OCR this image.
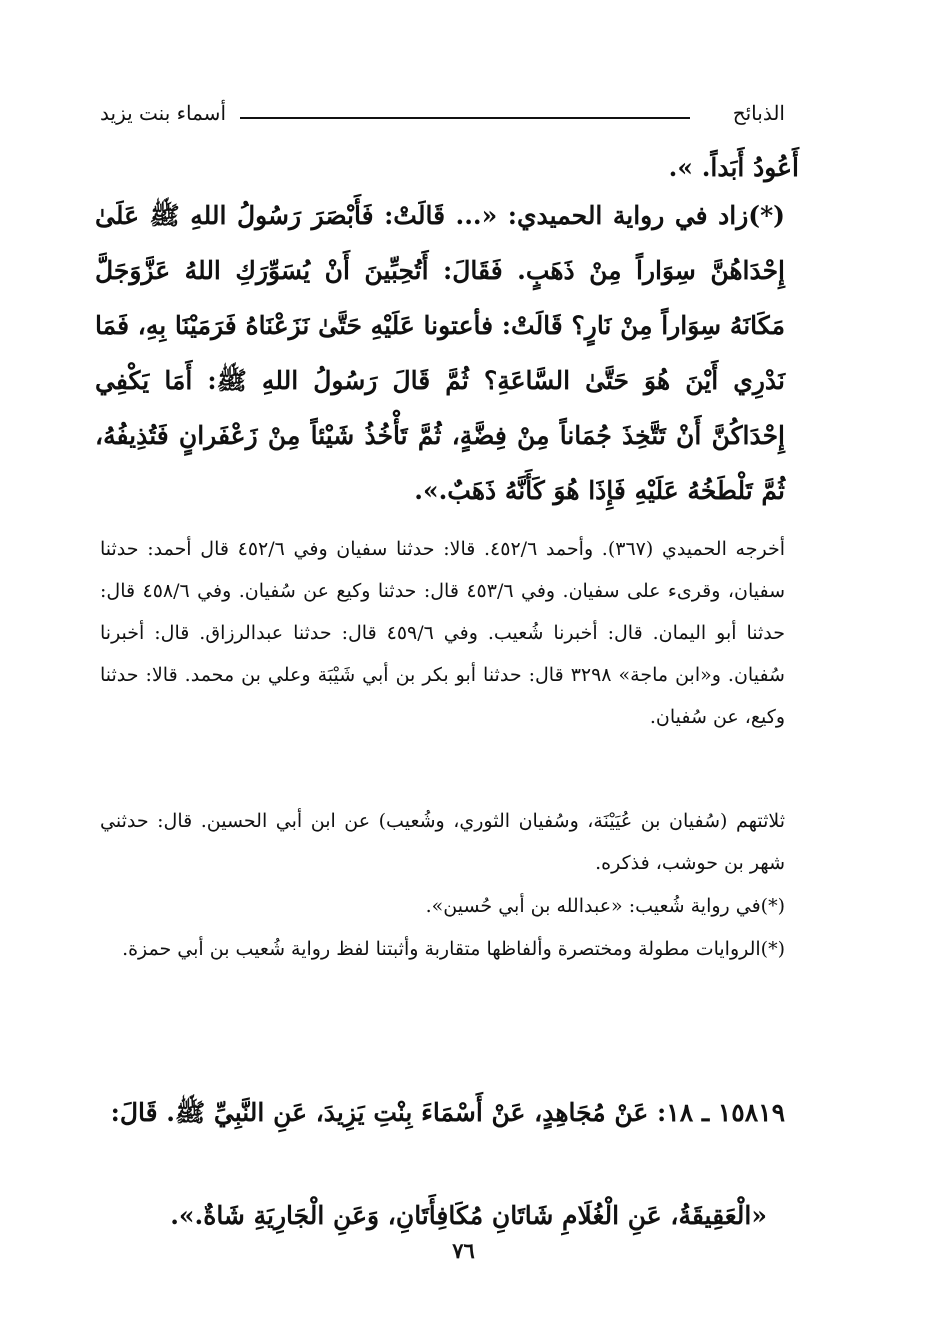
الذبائح
أسماء بنت يزيد

أَعُودُ أَبَداً. ».

(*)زاد في رواية الحميدي: «... قَالَتْ: فَأَبْصَرَ رَسُولُ اللهِ ﷺ عَلَىٰ إِحْدَاهُنَّ سِوَاراً مِنْ ذَهَبٍ. فَقَالَ: أَتُحِبِّينَ أَنْ يُسَوِّرَكِ اللهُ عَزَّوَجَلَّ مَكَانَهُ سِوَاراً مِنْ نَارٍ؟ قَالَتْ: فأعتونا عَلَيْهِ حَتَّىٰ نَزَعْنَاهُ فَرَمَيْنَا بِهِ، فَمَا نَدْرِي أَيْنَ هُوَ حَتَّىٰ السَّاعَةِ؟ ثُمَّ قَالَ رَسُولُ اللهِ ﷺ: أَمَا يَكْفِي إِحْدَاكُنَّ أَنْ تَتَّخِذَ جُمَاناً مِنْ فِضَّةٍ، ثُمَّ تَأْخُذُ شَيْئاً مِنْ زَعْفَرانٍ فَتُذِيفُهُ، ثُمَّ تَلْطَخُهُ عَلَيْهِ فَإِذَا هُوَ كَأَنَّهُ ذَهَبٌ.».

أخرجه الحميدي (٣٦٧). وأحمد ٤٥٢/٦. قالا: حدثنا سفيان وفي ٤٥٢/٦ قال أحمد: حدثنا سفيان، وقرىء على سفيان. وفي ٤٥٣/٦ قال: حدثنا وكيع عن سُفيان. وفي ٤٥٨/٦ قال: حدثنا أبو اليمان. قال: أخبرنا شُعيب. وفي ٤٥٩/٦ قال: حدثنا عبدالرزاق. قال: أخبرنا سُفيان. و«ابن ماجة» ٣٢٩٨ قال: حدثنا أبو بكر بن أبي شَيْبَة وعلي بن محمد. قالا: حدثنا وكيع، عن سُفيان.

ثلاثتهم (سُفيان بن عُيَيْنَة، وسُفيان الثوري، وشُعيب) عن ابن أبي الحسين. قال: حدثني شهر بن حوشب، فذكره.

(*)في رواية شُعيب: «عبدالله بن أبي حُسين».

(*)الروايات مطولة ومختصرة وألفاظها متقاربة وأثبتنا لفظ رواية شُعيب بن أبي حمزة.

١٥٨١٩ ـ ١٨: عَنْ مُجَاهِدٍ، عَنْ أَسْمَاءَ بِنْتِ يَزِيدَ، عَنِ النَّبِيِّ ﷺ. قَالَ:

«الْعَقِيقَةُ، عَنِ الْغُلَامِ شَاتَانِ مُكَافِأَتَانِ، وَعَنِ الْجَارِيَةِ شَاةٌ.».

٧٦
